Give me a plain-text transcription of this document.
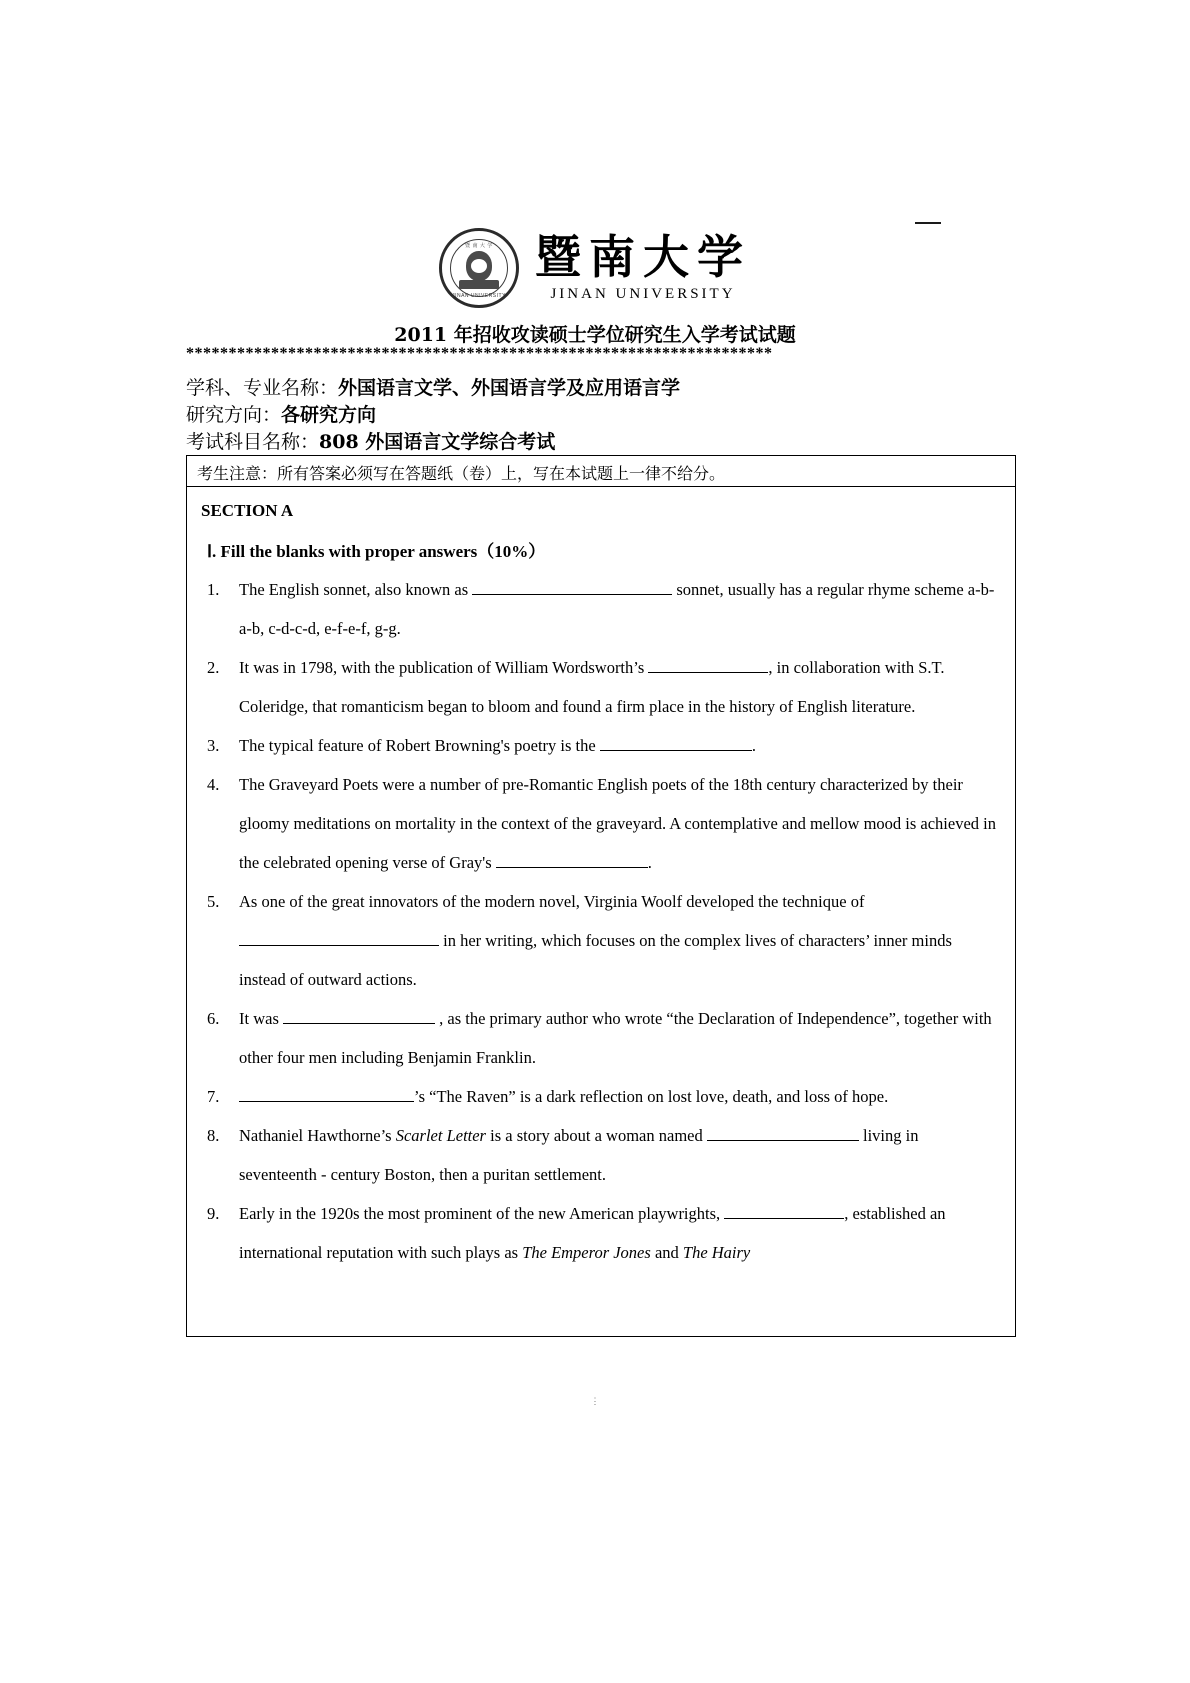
暨 南 大 学
JINAN UNIVERSITY
暨南大学
JINAN UNIVERSITY
2011 年招收攻读硕士学位研究生入学考试试题
*********************************************************************
学科、专业名称：外国语言文学、外国语言学及应用语言学
研究方向：各研究方向
考试科目名称：808 外国语言文学综合考试
考生注意：所有答案必须写在答题纸（卷）上，写在本试题上一律不给分。
SECTION A
Ⅰ. Fill the blanks with proper answers（10%）
1.	The English sonnet, also known as	sonnet, usually has a regular rhyme scheme a-b-a-b, c-d-c-d, e-f-e-f, g-g.
2.	It was in 1798, with the publication of William Wordsworth’s	, in collaboration with S.T. Coleridge, that romanticism began to bloom and found a firm place in the history of English literature.
3.	The typical feature of Robert Browning's poetry is the	.
4.	The Graveyard Poets were a number of pre-Romantic English poets of the 18th century characterized by their gloomy meditations on mortality in the context of the graveyard. A contemplative and mellow mood is achieved in the celebrated opening verse of Gray's	.
5.	As one of the great innovators of the modern novel, Virginia Woolf developed the technique of  in her writing, which focuses on the complex lives of characters’ inner minds instead of outward actions.
6.	It was	, as the primary author who wrote “the Declaration of Independence”, together with other four men including Benjamin Franklin.
7.	’s “The Raven” is a dark reflection on lost love, death, and loss of hope.
8.	Nathaniel Hawthorne’s Scarlet Letter is a story about a woman named	living in seventeenth - century Boston, then a puritan settlement.
9.	Early in the 1920s the most prominent of the new American playwrights,	, established an international reputation with such plays as The Emperor Jones and The Hairy
⋮
